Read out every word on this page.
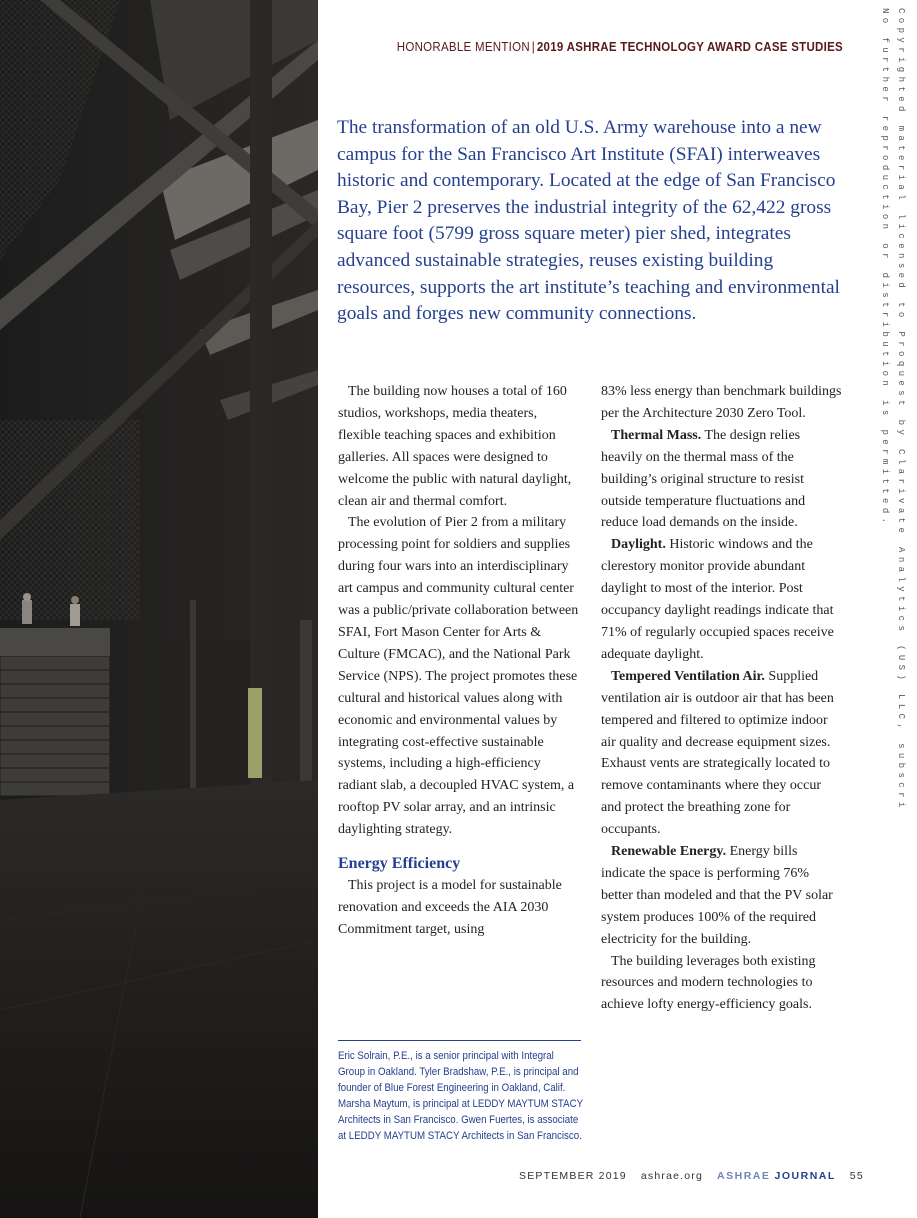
HONORABLE MENTION | 2019 ASHRAE TECHNOLOGY AWARD CASE STUDIES	Copyrighted material licensed to Proquest by Clarivate Analytics (US) LLC, subscri
No further reproduction or distribution is permitted.

The transformation of an old U.S. Army warehouse into a new campus for the San Francisco Art Institute (SFAI) interweaves historic and contemporary. Located at the edge of San Francisco Bay, Pier 2 preserves the industrial integrity of the 62,422 gross square foot (5799 gross square meter) pier shed, integrates advanced sustainable strategies, reuses existing building resources, supports the art institute’s teaching and environmental goals and forges new community connections.

The building now houses a total of 160 studios, workshops, media theaters, flexible teaching spaces and exhibition galleries. All spaces were designed to welcome the public with natural daylight, clean air and thermal comfort.

The evolution of Pier 2 from a military processing point for soldiers and supplies during four wars into an interdisciplinary art campus and community cultural center was a public/private collaboration between SFAI, Fort Mason Center for Arts & Culture (FMCAC), and the National Park Service (NPS). The project promotes these cultural and historical values along with economic and environmental values by integrating cost-effective sustainable systems, including a high-efficiency radiant slab, a decoupled HVAC system, a rooftop PV solar array, and an intrinsic daylighting strategy.

Energy Efficiency

This project is a model for sustainable renovation and exceeds the AIA 2030 Commitment target, using

Eric Solrain, P.E., is a senior principal with Integral Group in Oakland. Tyler Bradshaw, P.E., is principal and founder of Blue Forest Engineering in Oakland, Calif. Marsha Maytum, is principal at LEDDY MAYTUM STACY Architects in San Francisco. Gwen Fuertes, is associate at LEDDY MAYTUM STACY Architects in San Francisco.

83% less energy than benchmark buildings per the Architecture 2030 Zero Tool.

Thermal Mass. The design relies heavily on the thermal mass of the building’s original structure to resist outside temperature fluctuations and reduce load demands on the inside.

Daylight. Historic windows and the clerestory monitor provide abundant daylight to most of the interior. Post occupancy daylight readings indicate that 71% of regularly occupied spaces receive adequate daylight.

Tempered Ventilation Air. Supplied ventilation air is outdoor air that has been tempered and filtered to optimize indoor air quality and decrease equipment sizes. Exhaust vents are strategically located to remove contaminants where they occur and protect the breathing zone for occupants.

Renewable Energy. Energy bills indicate the space is performing 76% better than modeled and that the PV solar system produces 100% of the required electricity for the building.

The building leverages both existing resources and modern technologies to achieve lofty energy-efficiency goals.

SEPTEMBER 2019 ashrae.org ASHRAE JOURNAL 55
